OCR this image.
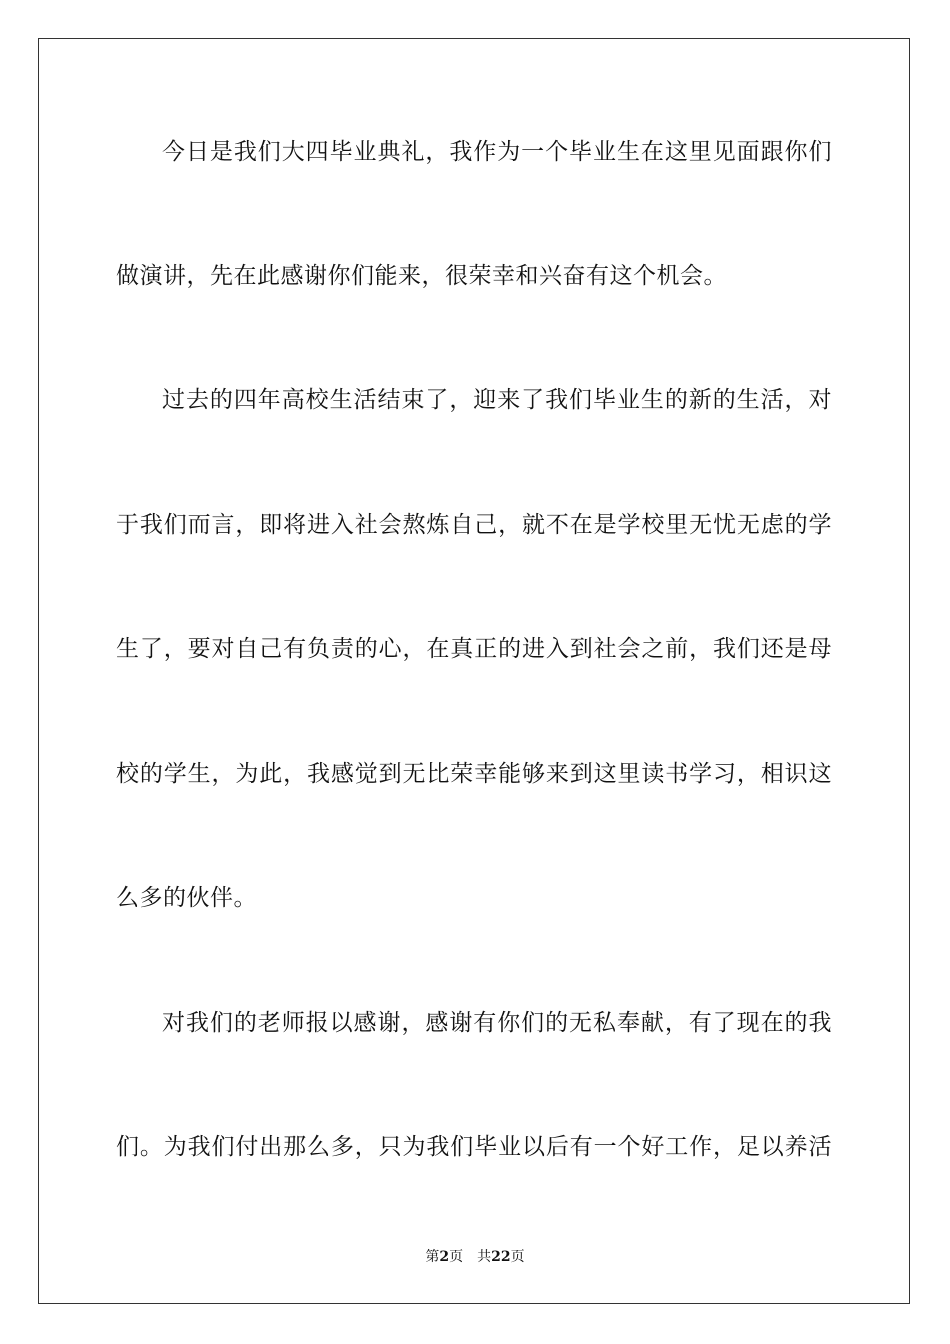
今日是我们大四毕业典礼，我作为一个毕业生在这里见面跟你们
做演讲，先在此感谢你们能来，很荣幸和兴奋有这个机会。
过去的四年高校生活结束了，迎来了我们毕业生的新的生活，对
于我们而言，即将进入社会熬炼自己，就不在是学校里无忧无虑的学
生了，要对自己有负责的心，在真正的进入到社会之前，我们还是母
校的学生，为此，我感觉到无比荣幸能够来到这里读书学习，相识这
么多的伙伴。
对我们的老师报以感谢，感谢有你们的无私奉献，有了现在的我
们。为我们付出那么多，只为我们毕业以后有一个好工作，足以养活
第2页 共22页
